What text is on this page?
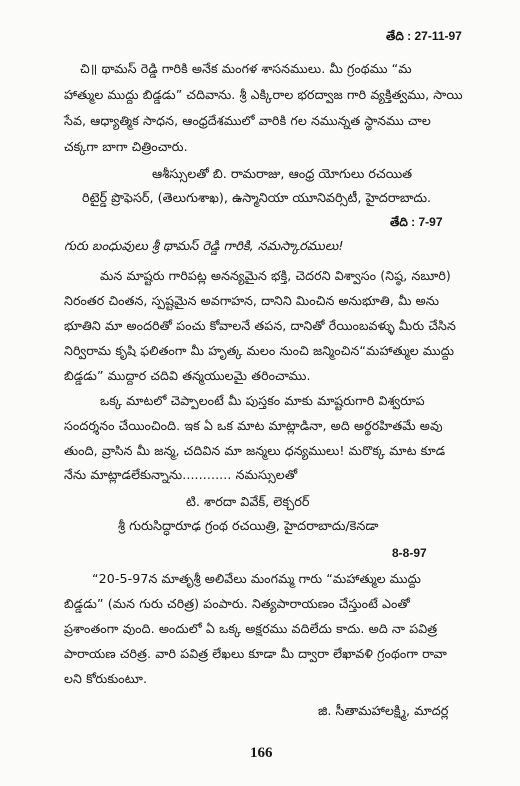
తేది : 27-11-97
చి॥ థామస్ రెడ్డి గారికి అనేక మంగళ శాసనములు. మీ గ్రంథము “మ
హాత్ముల ముద్దు బిడ్డడు” చదివాను. శ్రీ ఎక్కిరాల భరద్వాజ గారి వ్యక్తిత్వము, సాయి
సేవ, ఆధ్యాత్మిక సాధన, ఆంధ్రదేశములో వారికి గల నమున్నత స్థానము చాల
చక్కగా బాగా చిత్రించారు.
ఆశీస్సులతో బి. రామరాజు, ఆంధ్ర యోగులు రచయిత
రిటైర్డ్ ప్రొఫెసర్, (తెలుగుశాఖ), ఉస్మానియా యూనివర్సిటీ, హైదరాబాదు.
తేది : 7-97
గురు బంధువులు శ్రీ థామస్ రెడ్డి గారికి, నమస్కారములు!
మన మాష్టరు గారిపట్ల అనన్యమైన భక్తి, చెదరని విశ్వాసం (నిష్ఠ, నబూరి)
నిరంతర చింతన, స్పష్టమైన అవగాహన, దానిని మించిన అనుభూతి, మీ అను
భూతిని మా అందరితో పంచు కోవాలనే తపన, దానితో రేయింబవళ్ళు మీరు చేసిన
నిర్విరామ కృషి ఫలితంగా మీ హృత్క మలం నుంచి జన్మించిన“మహాత్ముల ముద్దు
బిడ్డడు” ముద్దార చదివి తన్మయులమై తరించాము.
ఒక్క మాటలో చెప్పాలంటే మీ పుస్తకం మాకు మాష్టరుగారి విశ్వరూప
సందర్శనం చేయించింది. ఇక ఏ ఒక మాట మాట్లాడినా, అది అర్థరహితమే అవు
తుంది, వ్రాసిన మీ జన్మ, చదివిన మా జన్మలు ధన్యములు! మరొక్క మాట కూడ
నేను మాట్లాడలేకున్నాను............ నమస్సులతో
టి. శారదా వివేక్, లెక్చరర్
శ్రీ గురుసిద్ధారూఢ గ్రంథ రచయిత్రి, హైదరాబాదు/కెనడా
8-8-97
“20-5-97న మాతృశ్రీ అలివేలు మంగమ్మ గారు “మహాత్ముల ముద్దు
బిడ్డడు” (మన గురు చరిత్ర) పంపారు. నిత్యపారాయణం చేస్తుంటే ఎంతో
ప్రశాంతంగా వుంది. అందులో ఏ ఒక్క అక్షరము వదిలేదు కాదు. అది నా పవిత్ర
పారాయణ చరిత్ర. వారి పవిత్ర లేఖలు కూడా మీ ద్వారా లేఖావళి గ్రంథంగా రావా
లని కోరుకుంటూ.
జి. సీతామహాలక్ష్మి, మాదర్ల
166
